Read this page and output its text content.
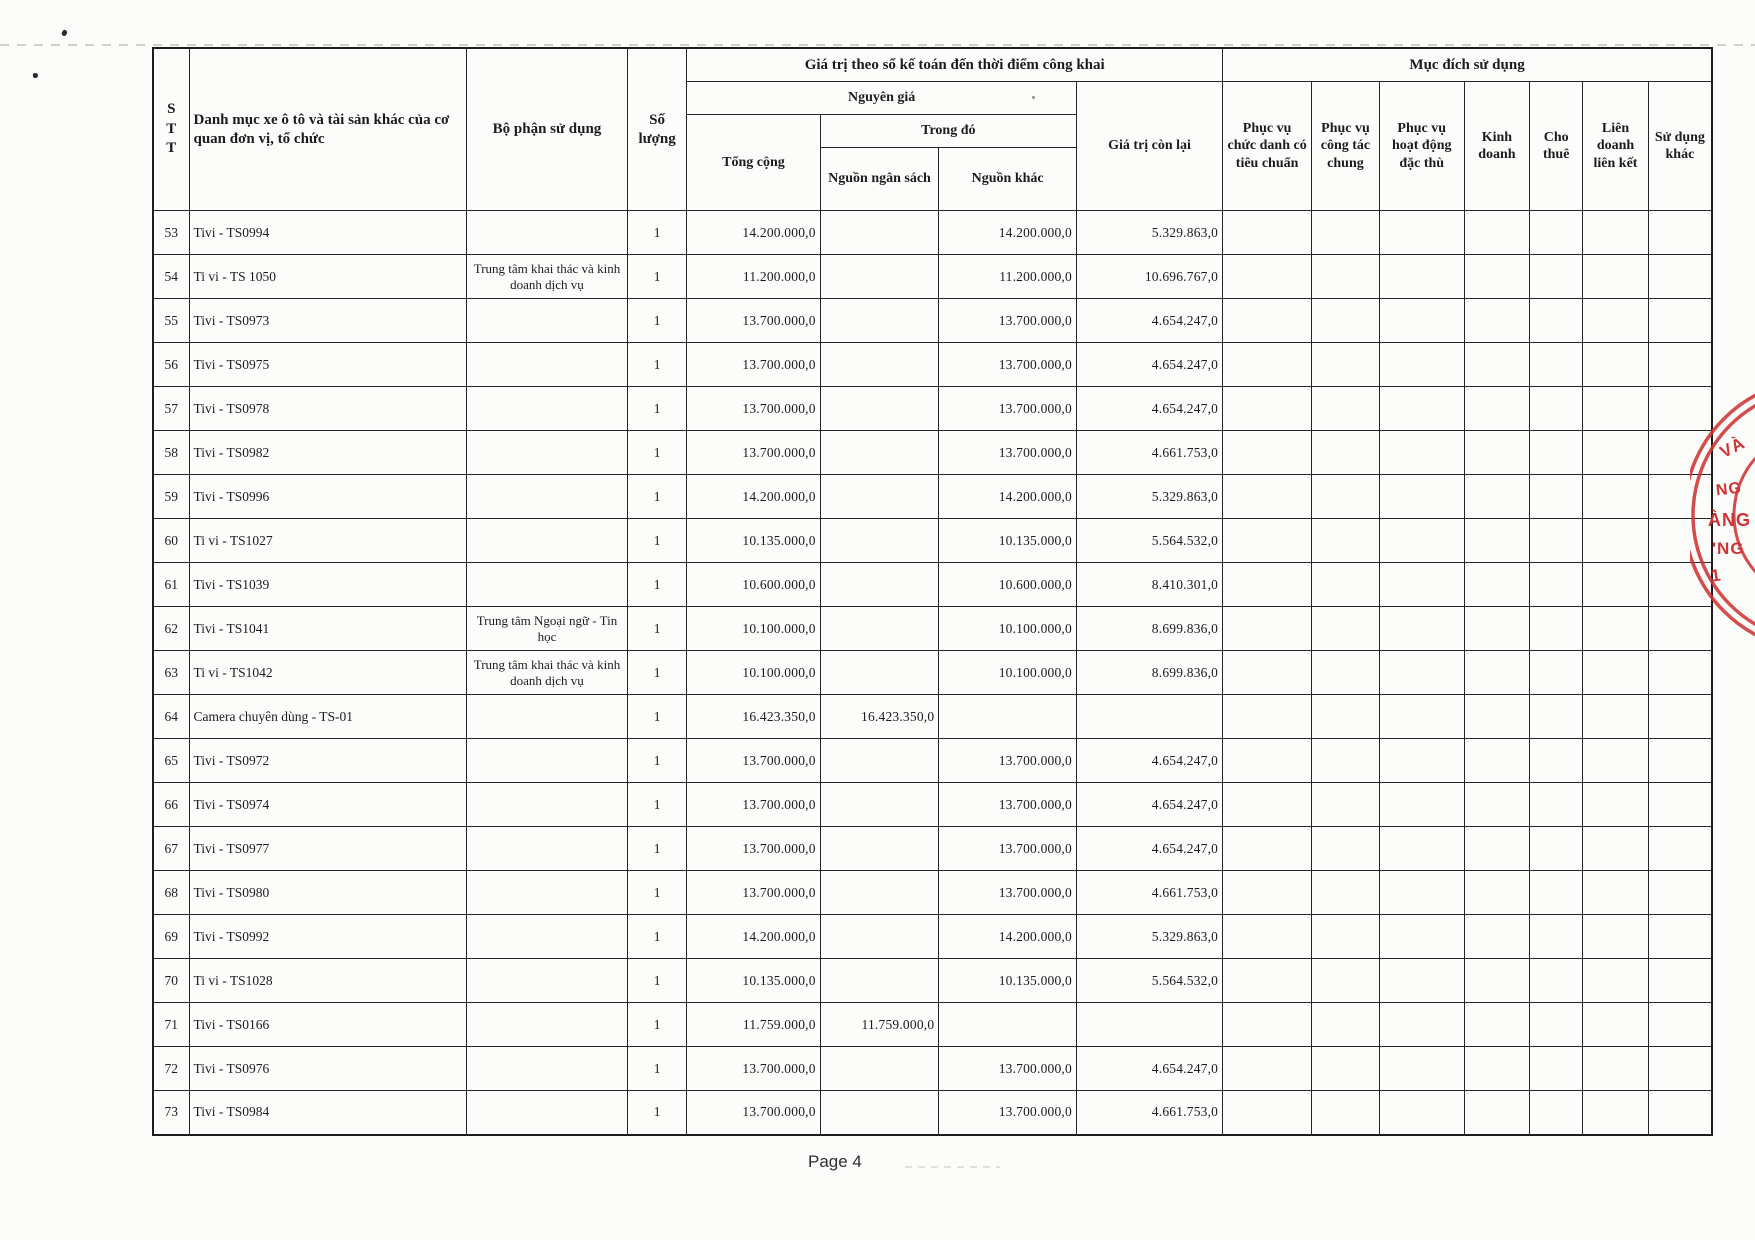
STT	Danh mục xe ô tô và tài sản khác của cơ quan đơn vị, tổ chức	Bộ phận sử dụng	Số lượng	Giá trị theo sổ kế toán đến thời điểm công khai				Mục đích sử dụng						
				Nguyên giá			Giá trị còn lại	Phục vụ chức danh có tiêu chuẩn	Phục vụ công tác chung	Phục vụ hoạt động đặc thù	Kinh doanh	Cho thuê	Liên doanh liên kết	Sử dụng khác
				Tổng cộng	Trong đó									
					Nguồn ngân sách	Nguồn khác								
53	Tivi - TS0994		1	14.200.000,0		14.200.000,0	5.329.863,0							
54	Ti vi - TS 1050	Trung tâm khai thác và kinh doanh dịch vụ	1	11.200.000,0		11.200.000,0	10.696.767,0							
55	Tivi - TS0973		1	13.700.000,0		13.700.000,0	4.654.247,0							
56	Tivi - TS0975		1	13.700.000,0		13.700.000,0	4.654.247,0							
57	Tivi - TS0978		1	13.700.000,0		13.700.000,0	4.654.247,0							
58	Tivi - TS0982		1	13.700.000,0		13.700.000,0	4.661.753,0							
59	Tivi - TS0996		1	14.200.000,0		14.200.000,0	5.329.863,0							
60	Ti vi - TS1027		1	10.135.000,0		10.135.000,0	5.564.532,0							
61	Tivi - TS1039		1	10.600.000,0		10.600.000,0	8.410.301,0							
62	Tivi - TS1041	Trung tâm Ngoại ngữ - Tin học	1	10.100.000,0		10.100.000,0	8.699.836,0							
63	Ti vi - TS1042	Trung tâm khai thác và kinh doanh dịch vụ	1	10.100.000,0		10.100.000,0	8.699.836,0							
64	Camera chuyên dùng - TS-01		1	16.423.350,0	16.423.350,0									
65	Tivi - TS0972		1	13.700.000,0		13.700.000,0	4.654.247,0							
66	Tivi - TS0974		1	13.700.000,0		13.700.000,0	4.654.247,0							
67	Tivi - TS0977		1	13.700.000,0		13.700.000,0	4.654.247,0							
68	Tivi - TS0980		1	13.700.000,0		13.700.000,0	4.661.753,0							
69	Tivi - TS0992		1	14.200.000,0		14.200.000,0	5.329.863,0							
70	Ti vi - TS1028		1	10.135.000,0		10.135.000,0	5.564.532,0							
71	Tivi - TS0166		1	11.759.000,0	11.759.000,0									
72	Tivi - TS0976		1	13.700.000,0		13.700.000,0	4.654.247,0							
73	Tivi - TS0984		1	13.700.000,0		13.700.000,0	4.661.753,0							
VÀ
NG
ÀNG
'NG
1
Page 4
